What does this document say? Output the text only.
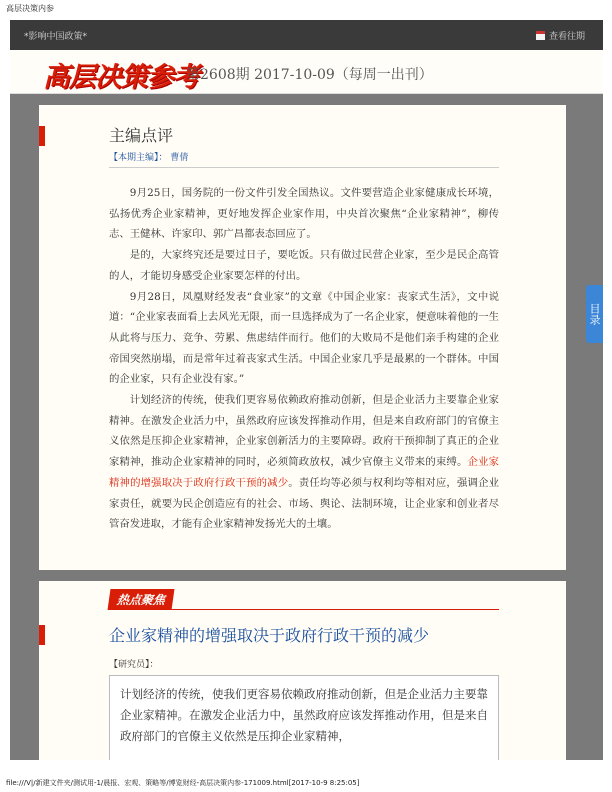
高层决策内参
*影响中国政策*	查看往期
高层决策参考
第2608期 2017-10-09（每周一出刊）
主编点评
【本期主编】： 曹倩

9月25日，国务院的一份文件引发全国热议。文件要营造企业家健康成长环境，弘扬优秀企业家精神，更好地发挥企业家作用，中央首次聚焦“企业家精神”，柳传志、王健林、许家印、郭广昌都表态回应了。

是的，大家终究还是要过日子，要吃饭。只有做过民营企业家，至少是民企高管的人，才能切身感受企业家要怎样的付出。

9月28日，凤凰财经发表“食业家”的文章《中国企业家：丧家式生活》，文中说道：“企业家表面看上去风光无限，而一旦选择成为了一名企业家，便意味着他的一生从此将与压力、竞争、劳累、焦虑结伴而行。他们的大败局不是他们亲手构建的企业帝国突然崩塌，而是常年过着丧家式生活。中国企业家几乎是最累的一个群体。中国的企业家，只有企业没有家。”

计划经济的传统，使我们更容易依赖政府推动创新，但是企业活力主要靠企业家精神。在激发企业活力中，虽然政府应该发挥推动作用，但是来自政府部门的官僚主义依然是压抑企业家精神，企业家创新活力的主要障碍。政府干预抑制了真正的企业家精神，推动企业家精神的同时，必须简政放权，减少官僚主义带来的束缚。企业家精神的增强取决于政府行政干预的减少。责任均等必须与权利均等相对应，强调企业家责任，就要为民企创造应有的社会、市场、舆论、法制环境，让企业家和创业者尽管奋发进取，才能有企业家精神发扬光大的土壤。

热点聚焦
企业家精神的增强取决于政府行政干预的减少
【研究员】：
计划经济的传统，使我们更容易依赖政府推动创新，但是企业活力主要靠企业家精神。在激发企业活力中，虽然政府应该发挥推动作用，但是来自政府部门的官僚主义依然是压抑企业家精神，
目录
file:///V|/新建文件夹/测试用-1/晨报、宏观、策略等/博览财经-高层决策内参-171009.html[2017-10-9 8:25:05]
